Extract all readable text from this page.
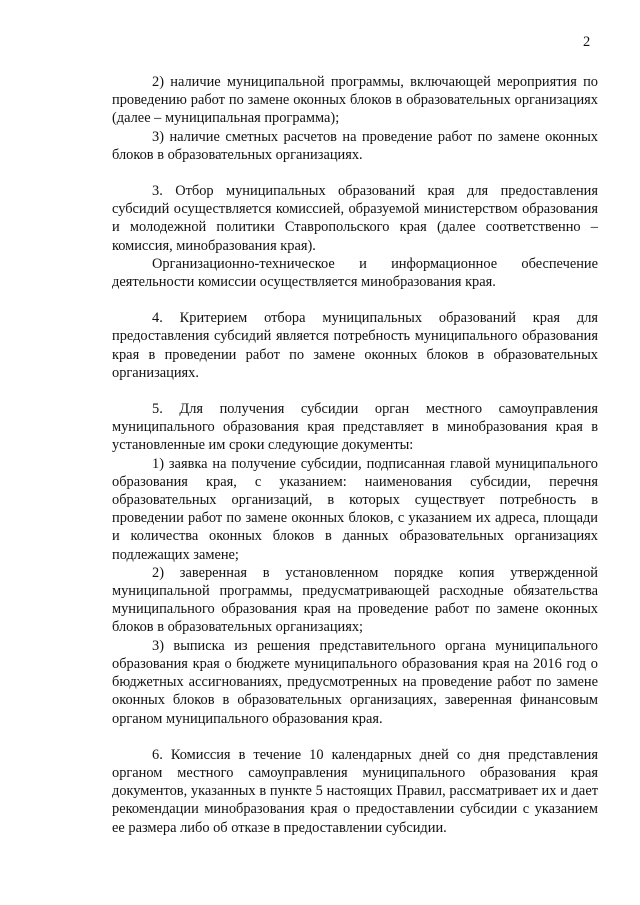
2

2) наличие муниципальной программы, включающей мероприятия по проведению работ по замене оконных блоков в образовательных организациях (далее – муниципальная программа);

3) наличие сметных расчетов на проведение работ по замене оконных блоков в образовательных организациях.

3. Отбор муниципальных образований края для предоставления субсидий осуществляется комиссией, образуемой министерством образования и молодежной политики Ставропольского края (далее соответственно – комиссия, минобразования края).

Организационно-техническое и информационное обеспечение деятельности комиссии осуществляется минобразования края.

4. Критерием отбора муниципальных образований края для предоставления субсидий является потребность муниципального образования края в проведении работ по замене оконных блоков в образовательных организациях.

5. Для получения субсидии орган местного самоуправления муниципального образования края представляет в минобразования края в установленные им сроки следующие документы:

1) заявка на получение субсидии, подписанная главой муниципального образования края, с указанием: наименования субсидии, перечня образовательных организаций, в которых существует потребность в проведении работ по замене оконных блоков, с указанием их адреса, площади и количества оконных блоков в данных образовательных организациях подлежащих замене;

2) заверенная в установленном порядке копия утвержденной муниципальной программы, предусматривающей расходные обязательства муниципального образования края на проведение работ по замене оконных блоков в образовательных организациях;

3) выписка из решения представительного органа муниципального образования края о бюджете муниципального образования края на 2016 год о бюджетных ассигнованиях, предусмотренных на проведение работ по замене оконных блоков в образовательных организациях, заверенная финансовым органом муниципального образования края.

6. Комиссия в течение 10 календарных дней со дня представления органом местного самоуправления муниципального образования края документов, указанных в пункте 5 настоящих Правил, рассматривает их и дает рекомендации минобразования края о предоставлении субсидии с указанием ее размера либо об отказе в предоставлении субсидии.
